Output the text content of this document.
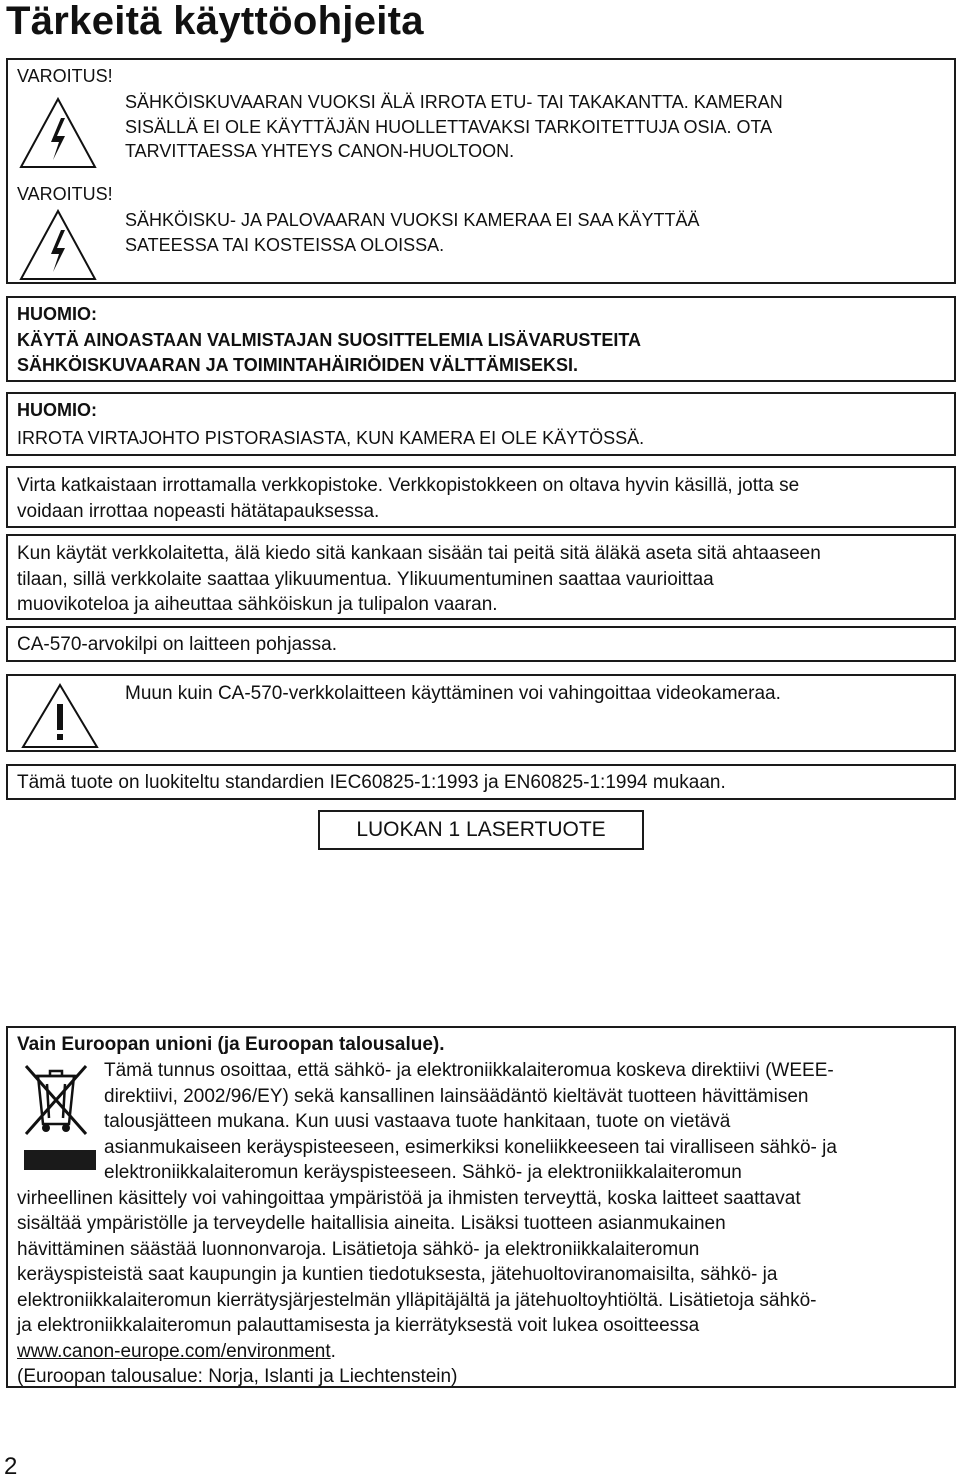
Tärkeitä käyttöohjeita
VAROITUS!
SÄHKÖISKUVAARAN VUOKSI ÄLÄ IRROTA ETU- TAI TAKAKANTTA. KAMERAN
SISÄLLÄ EI OLE KÄYTTÄJÄN HUOLLETTAVAKSI TARKOITETTUJA OSIA. OTA
TARVITTAESSA YHTEYS CANON-HUOLTOON.
VAROITUS!
SÄHKÖISKU- JA PALOVAARAN VUOKSI KAMERAA EI SAA KÄYTTÄÄ
SATEESSA TAI KOSTEISSA OLOISSA.
HUOMIO:
KÄYTÄ AINOASTAAN VALMISTAJAN SUOSITTELEMIA LISÄVARUSTEITA
SÄHKÖISKUVAARAN JA TOIMINTAHÄIRIÖIDEN VÄLTTÄMISEKSI.
HUOMIO:
IRROTA VIRTAJOHTO PISTORASIASTA, KUN KAMERA EI OLE KÄYTÖSSÄ.
Virta katkaistaan irrottamalla verkkopistoke. Verkkopistokkeen on oltava hyvin käsillä, jotta se
voidaan irrottaa nopeasti hätätapauksessa.
Kun käytät verkkolaitetta, älä kiedo sitä kankaan sisään tai peitä sitä äläkä aseta sitä ahtaaseen
tilaan, sillä verkkolaite saattaa ylikuumentua. Ylikuumentuminen saattaa vaurioittaa
muovikoteloa ja aiheuttaa sähköiskun ja tulipalon vaaran.
CA-570-arvokilpi on laitteen pohjassa.
Muun kuin CA-570-verkkolaitteen käyttäminen voi vahingoittaa videokameraa.
Tämä tuote on luokiteltu standardien IEC60825-1:1993 ja EN60825-1:1994 mukaan.
LUOKAN 1 LASERTUOTE
Vain Euroopan unioni (ja Euroopan talousalue).
Tämä tunnus osoittaa, että sähkö- ja elektroniikkalaiteromua koskeva direktiivi (WEEE-
direktiivi, 2002/96/EY) sekä kansallinen lainsäädäntö kieltävät tuotteen hävittämisen
talousjätteen mukana. Kun uusi vastaava tuote hankitaan, tuote on vietävä
asianmukaiseen keräyspisteeseen, esimerkiksi koneliikkeeseen tai viralliseen sähkö- ja
elektroniikkalaiteromun keräyspisteeseen. Sähkö- ja elektroniikkalaiteromun
virheellinen käsittely voi vahingoittaa ympäristöä ja ihmisten terveyttä, koska laitteet saattavat
sisältää ympäristölle ja terveydelle haitallisia aineita. Lisäksi tuotteen asianmukainen
hävittäminen säästää luonnonvaroja. Lisätietoja sähkö- ja elektroniikkalaiteromun
keräyspisteistä saat kaupungin ja kuntien tiedotuksesta, jätehuoltoviranomaisilta, sähkö- ja
elektroniikkalaiteromun kierrätysjärjestelmän ylläpitäjältä ja jätehuoltoyhtiöltä. Lisätietoja sähkö-
ja elektroniikkalaiteromun palauttamisesta ja kierrätyksestä voit lukea osoitteessa
www.canon-europe.com/environment.
(Euroopan talousalue: Norja, Islanti ja Liechtenstein)
2
